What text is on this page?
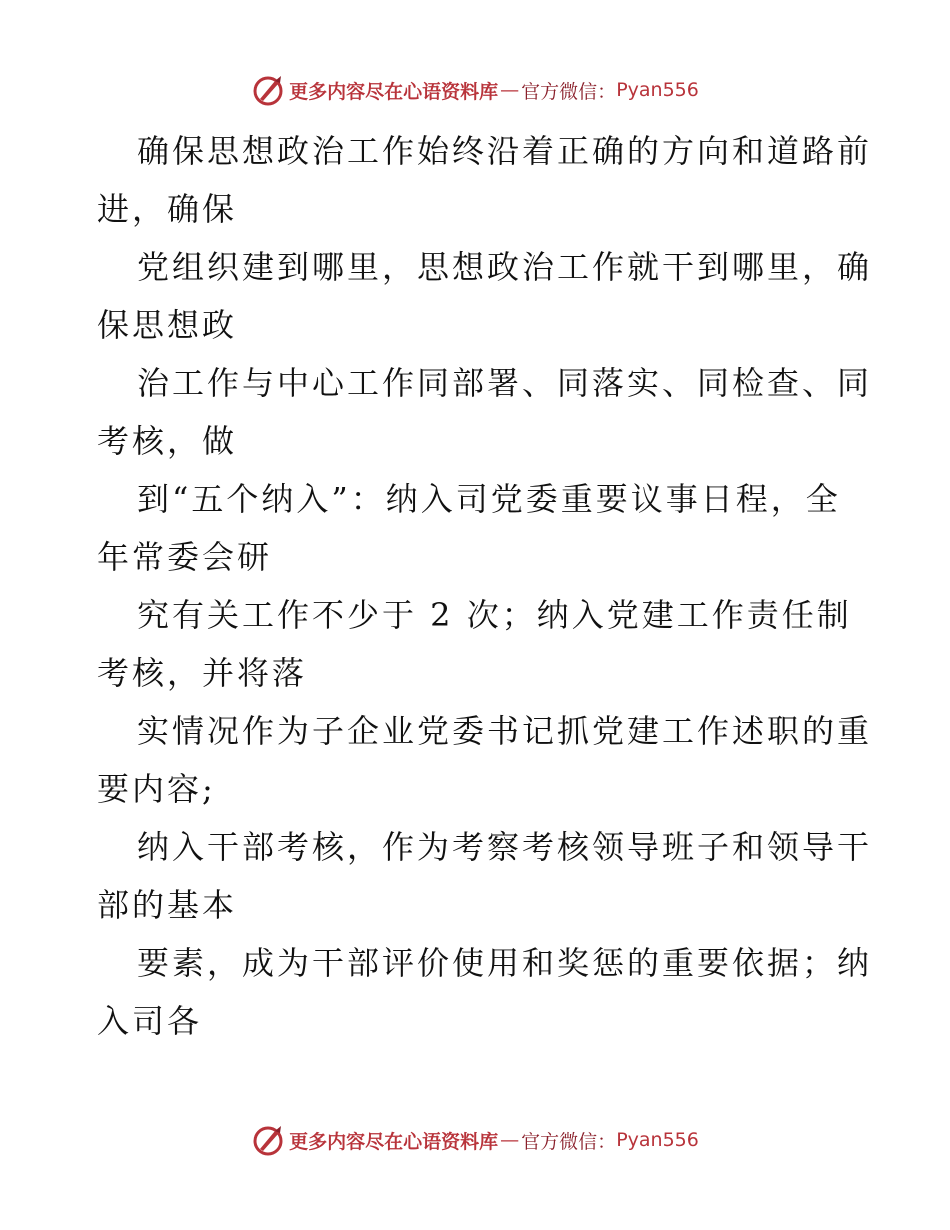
更多内容尽在心语资料库 — 官方微信： Pyan556
确保思想政治工作始终沿着正确的方向和道路前
进，确保
党组织建到哪里，思想政治工作就干到哪里，确
保思想政
治工作与中心工作同部署、同落实、同检查、同
考核，做
到“五个纳入”：纳入司党委重要议事日程，全
年常委会研
究有关工作不少于 2 次；纳入党建工作责任制
考核，并将落
实情况作为子企业党委书记抓党建工作述职的重
要内容;
纳入干部考核，作为考察考核领导班子和领导干
部的基本
要素，成为干部评价使用和奖惩的重要依据；纳
入司各
更多内容尽在心语资料库 — 官方微信： Pyan556
